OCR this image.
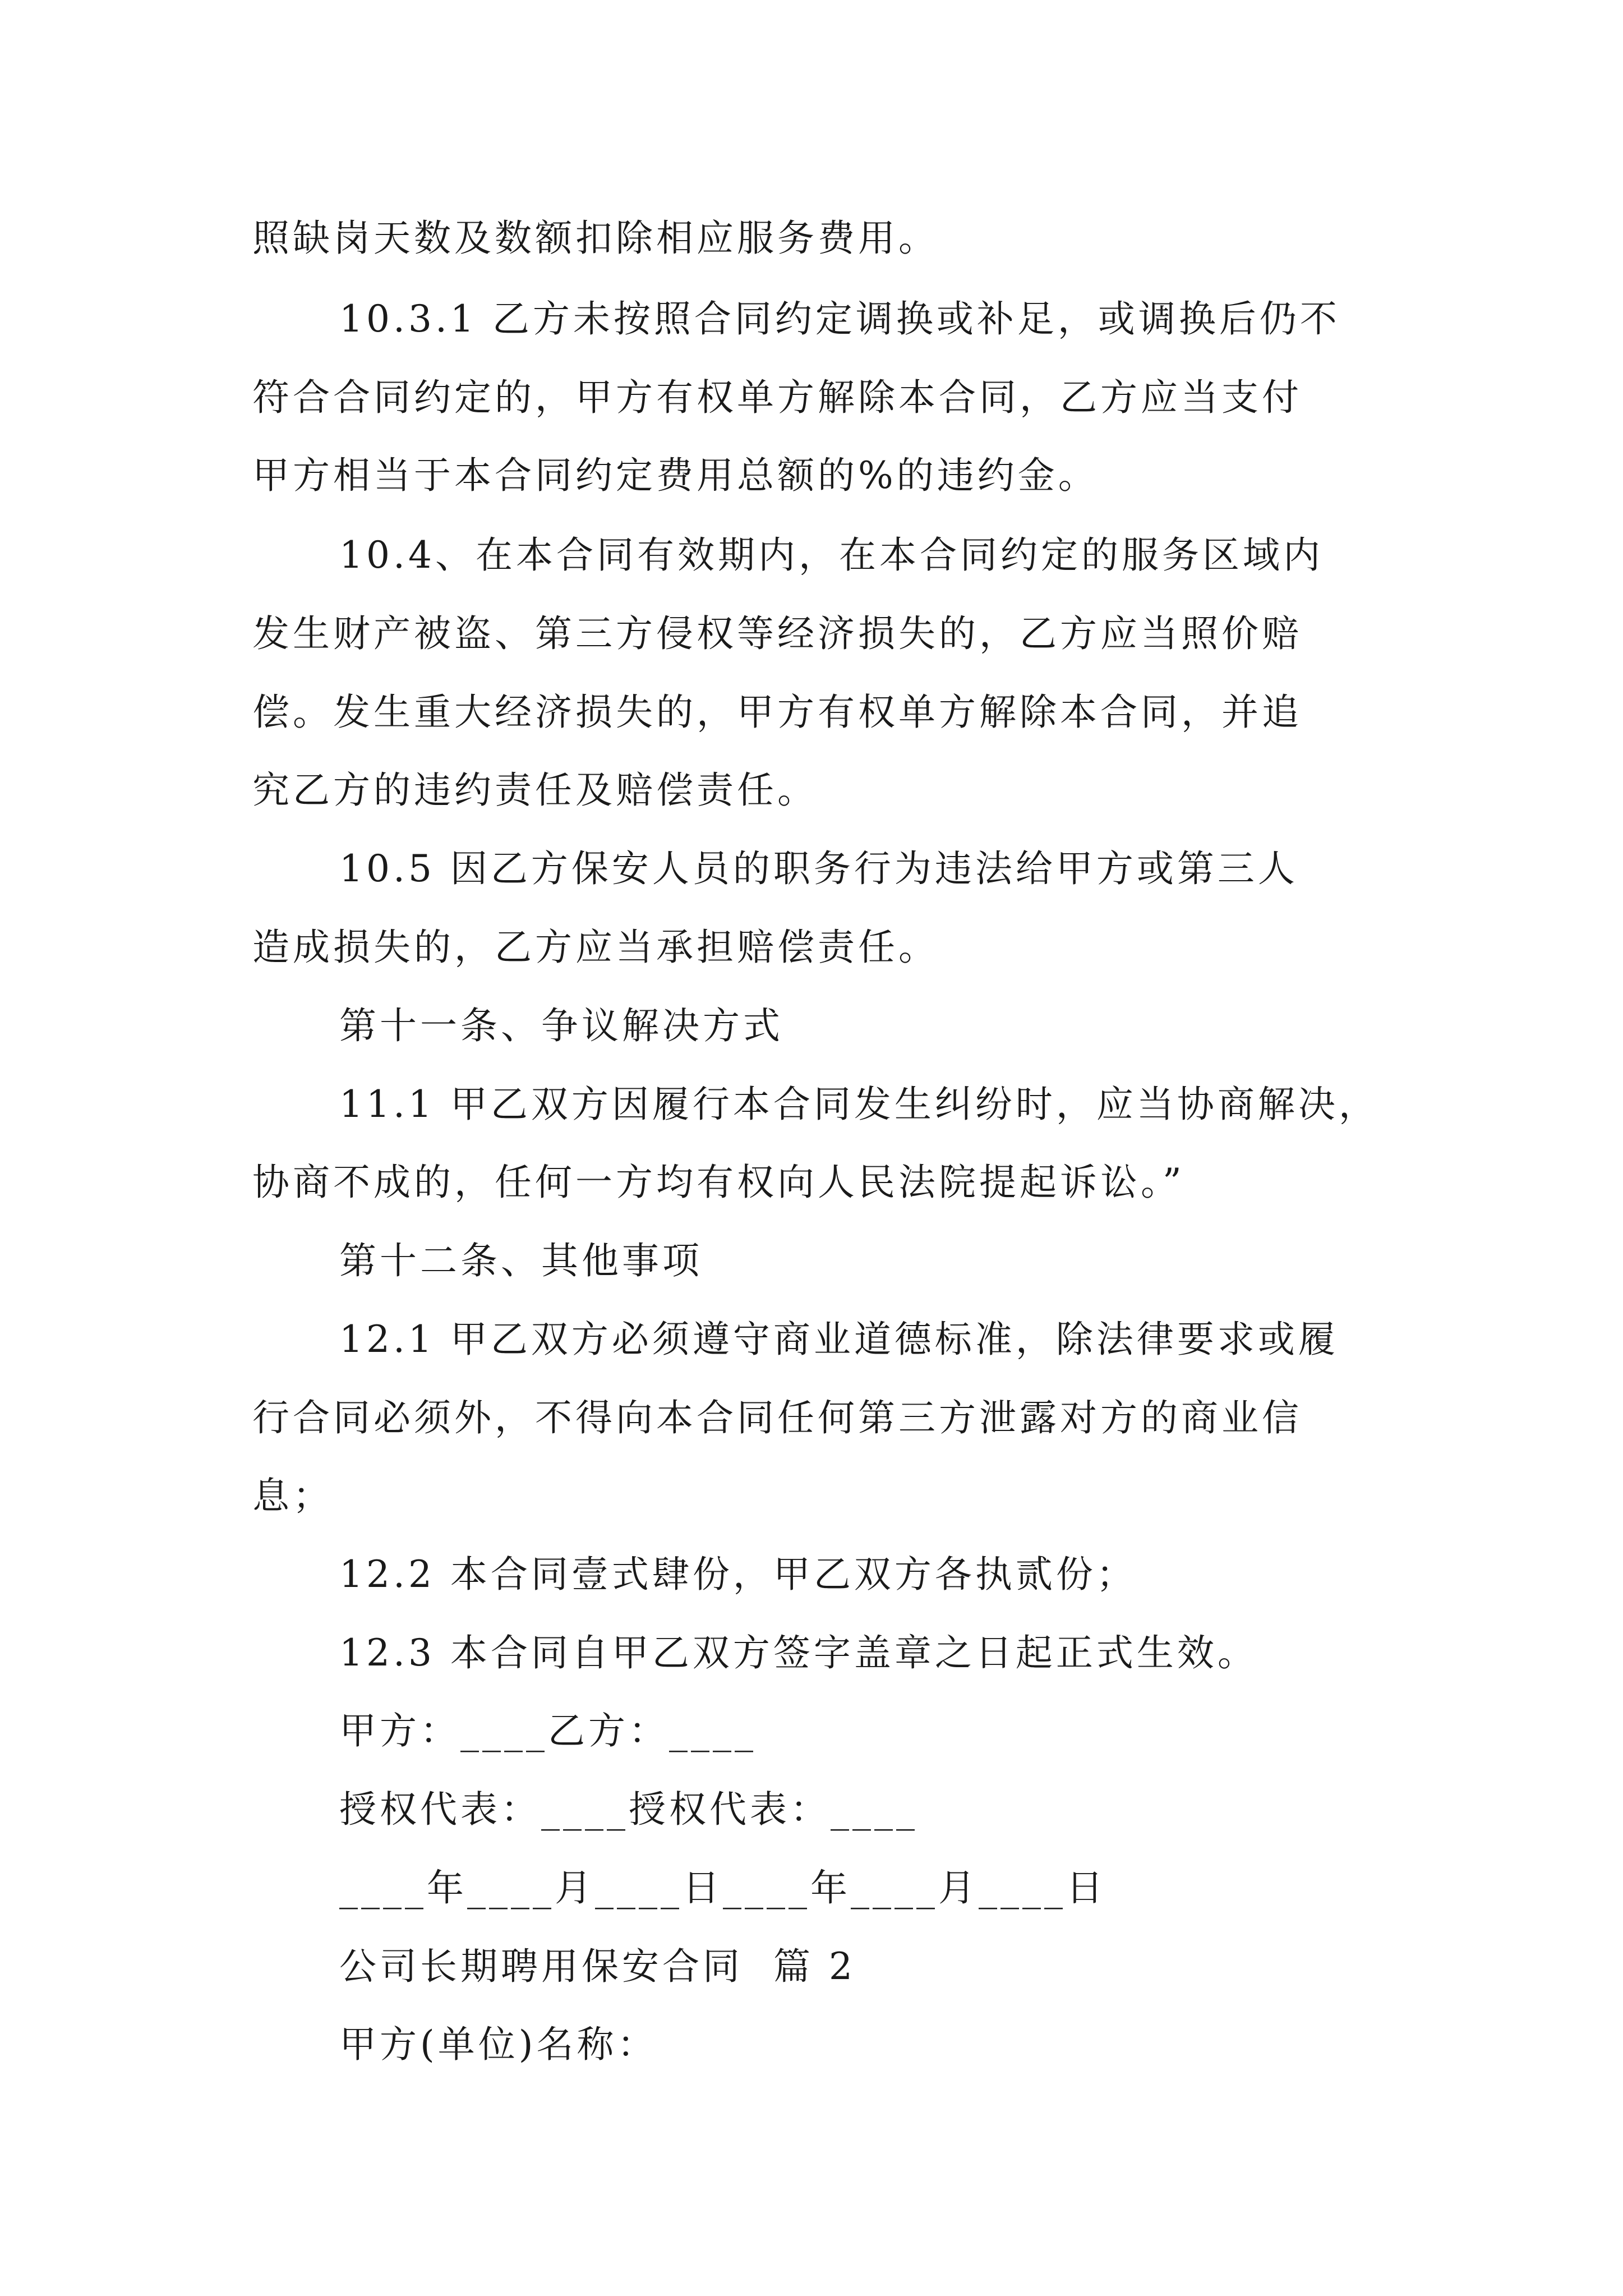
照缺岗天数及数额扣除相应服务费用。
10.3.1 乙方未按照合同约定调换或补足，或调换后仍不
符合合同约定的，甲方有权单方解除本合同，乙方应当支付
甲方相当于本合同约定费用总额的%的违约金。
10.4、在本合同有效期内，在本合同约定的服务区域内
发生财产被盗、第三方侵权等经济损失的，乙方应当照价赔
偿。发生重大经济损失的，甲方有权单方解除本合同，并追
究乙方的违约责任及赔偿责任。
10.5 因乙方保安人员的职务行为违法给甲方或第三人
造成损失的，乙方应当承担赔偿责任。
第十一条、争议解决方式
11.1 甲乙双方因履行本合同发生纠纷时，应当协商解决，
协商不成的，任何一方均有权向人民法院提起诉讼。”
第十二条、其他事项
12.1 甲乙双方必须遵守商业道德标准，除法律要求或履
行合同必须外，不得向本合同任何第三方泄露对方的商业信
息；
12.2 本合同壹式肆份，甲乙双方各执贰份；
12.3 本合同自甲乙双方签字盖章之日起正式生效。
甲方：____乙方：____
授权代表：____授权代表：____
____年____月____日____年____月____日
公司长期聘用保安合同  篇 2
甲方(单位)名称：
